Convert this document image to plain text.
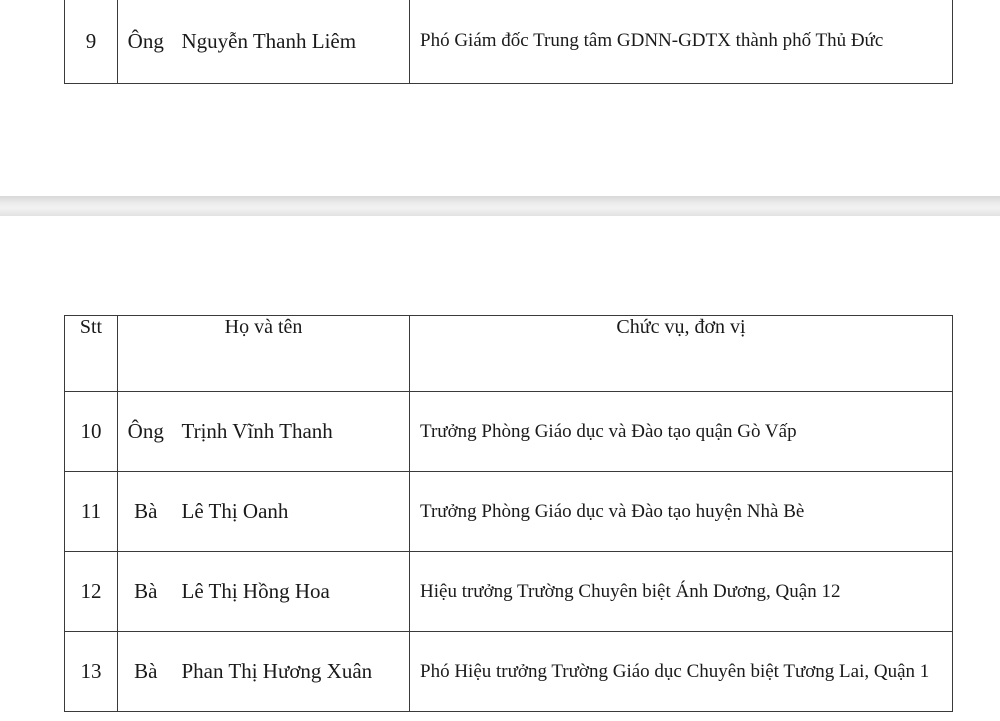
9	Ông	Nguyễn Thanh Liêm	Phó Giám đốc Trung tâm GDNN-GDTX thành phố Thủ Đức
Stt	Họ và tên		Chức vụ, đơn vị
10	Ông	Trịnh Vĩnh Thanh	Trưởng Phòng Giáo dục và Đào tạo quận Gò Vấp
11	Bà	Lê Thị Oanh	Trưởng Phòng Giáo dục và Đào tạo huyện Nhà Bè
12	Bà	Lê Thị Hồng Hoa	Hiệu trưởng Trường Chuyên biệt Ánh Dương, Quận 12
13	Bà	Phan Thị Hương Xuân	Phó Hiệu trưởng Trường Giáo dục Chuyên biệt Tương Lai, Quận 1
